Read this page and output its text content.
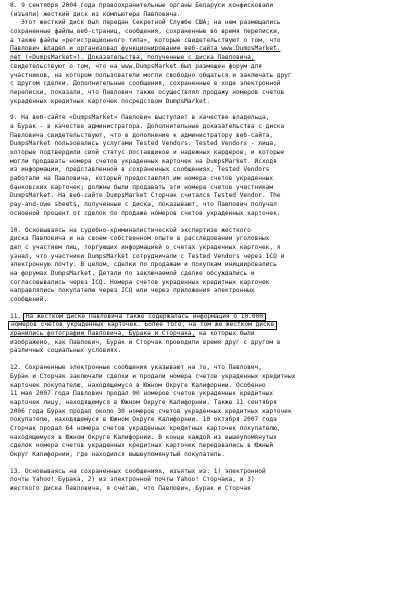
8. 9 сентября 2004 года правоохранительные органы Беларуси конфисковали
(изъяли) жесткий диск из компьютера Павловича.
Этот жесткий диск был передан Секретной Службе США; на нем размещались
сохраненные файлы веб-страниц, сообщения, сохраненные во время переписки,
а также файлы «регистрационного типа», которые свидетельствуют о том, что
Павлович владел и организовал функционирование веб-сайта www.DumpsMarket.
net («DumpsMarket»). Доказательства, полученные с диска Павловича,
свидетельствуют о том, что на www.DumpsMarket был размещен форум для
участников, на котором пользователи могли свободно общаться и заключать друг
с другом сделки. Дополнительные сообщения, сохраненные в ходе электронной
переписки, показали, что Павлович также осуществлял продажу номеров счетов
украденных кредитных карточек посредством DumpsMarket.
9. На веб-сайте «DumpsMarket» Павлович выступает в качестве владельца,
а Бурак - в качестве администратора. Дополнительные доказательства с диска
Павловича свидетельствуют, что в дополнение к администратору веб-сайта,
DumpsMarket пользовались услугами Tested Vendors. Tested Vendors - лица,
которые подтвердили свой статус поставщиков и надежных кардеров, и которые
могли продавать номера счетов украденных карточек на DumpsMarket. Исходя
из информации, представленной в сохраненных сообщениях, Tested Vendors
работали на Павловича, который предоставлял им номера счетов украденных
банковских карточек; должны были продавать эти номера счетов участникам
DumpsMarket. На веб-сайте DumpsMarket Сторчак считался Tested Vendor. The
pay-and-owe sheets, полученные с диска, показывают, что Павлович получал
основной процент от сделок по продаже номеров счетов украденных карточек.
10. Основываясь на судебно-криминалистической экспертизе жесткого
диска Павловича и на своем собственном опыте в расследовании уголовных
дел с участием лиц, торгующих информацией о счетах украденных карточек, я
узнал, что участники DumpsMarket сотрудничали с Tested Vendors через ICQ и
электронную почту. В целом, сделки по продажам и покупкам инициировались
на форумах DumpsMarket. Детали по заключаемой сделке обсуждались и
согласовывались через ICQ. Номера счетов украденных кредитных карточек
направлялись покупателю через ICQ или через приложения электронных
сообщений.
11. На жестком диске Павловича также содержалась информация о 10.000
номеров счетов украденных карточек. Более того, на том же жестком диске
хранились фотографии Павловича, Бурака и Сторчака, на которых были
изображено, как Павлович, Бурак и Сторчак проводили время друг с другом в
различных социальных условиях.
12. Сохраненные электронные сообщения указывают на то, что Павлович,
Бурак и Сторчак заключали сделки и продали номера счетов украденных кредитных
карточек покупателю, находящемуся в Южном Округе Калифорнии. Особенно
11 мая 2007 года Павлович продал 90 номеров счетов украденных кредитных
карточек лицу, находящемуся в Южном Округе Калифорнии. Также 11 сентября
2006 года Бурак продал около 30 номеров счетов украденных кредитных карточек
покупателю, находящемуся в Южном Округе Калифорнии. 10 октября 2007 года
Сторчак продал 64 номера счетов украденных кредитных карточек покупателю,
находящемуся в Южном Округе Калифорнии. В конце каждой из вышеупомянутых
сделок номера счетов украденных кредитных карточек передавались в Южный
Округ Калифорнии, где находился вышеупомянутый покупатель.
13. Основываясь на сохраненных сообщениях, изъятых из: 1) электронной
почты Yahoo! Бурака, 2) из электронной почты Yahoo! Сторчака, и 3)
жесткого диска Павловича, я считаю, что Павлович, Бурак и Сторчак
